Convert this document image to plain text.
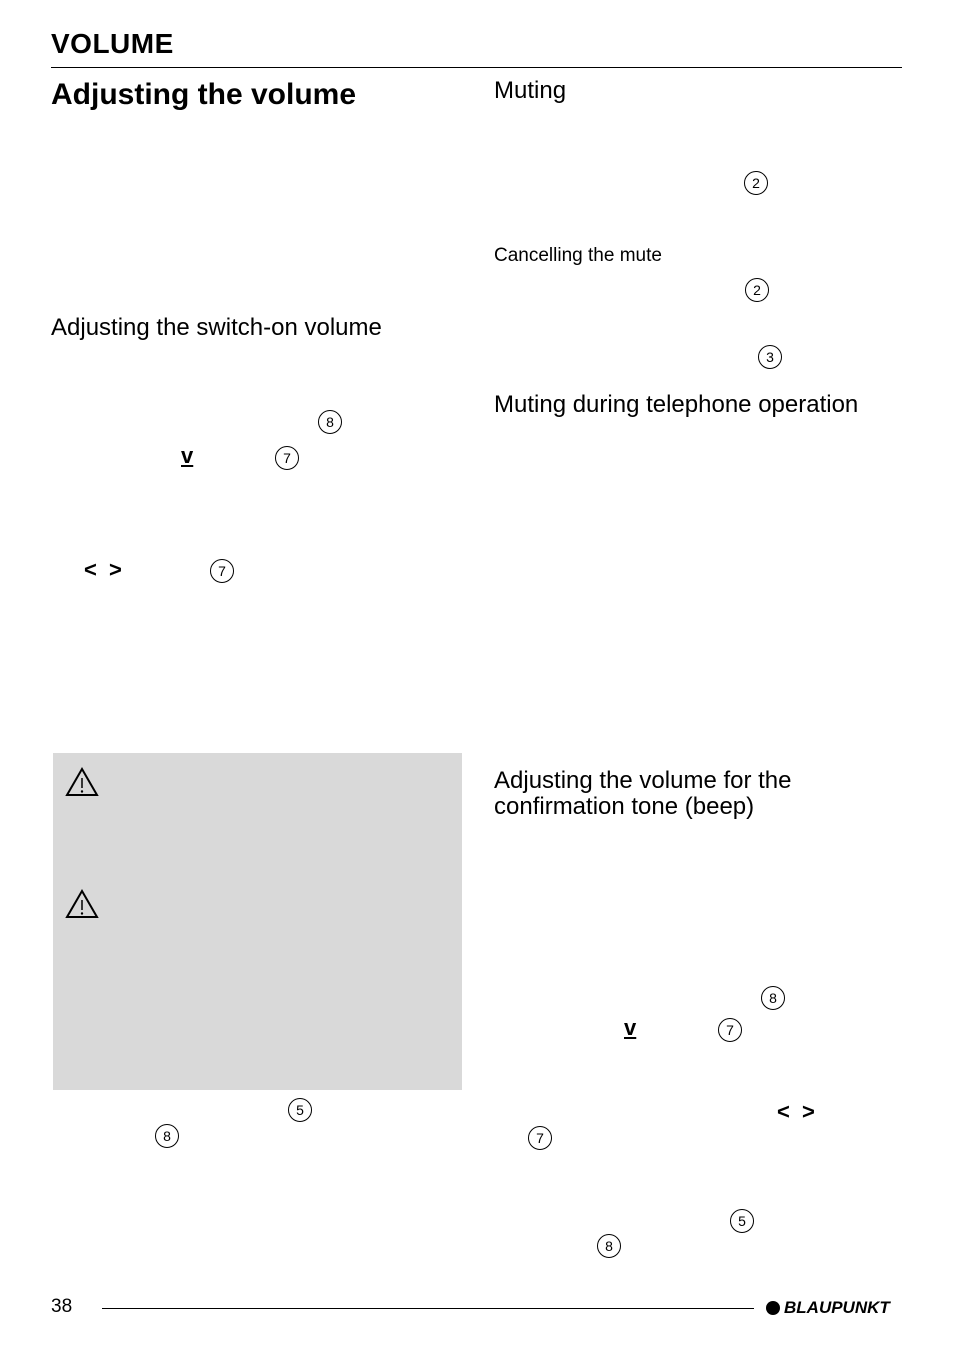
VOLUME
Adjusting the volume
Adjusting the switch-on volume
8
v	7
< >	7
5
8
Muting
2
Cancelling the mute
2
3
Muting during telephone operation
Adjusting the volume for the confirmation tone (beep)
8
v	7
< >
7
5
8
38	BLAUPUNKT
